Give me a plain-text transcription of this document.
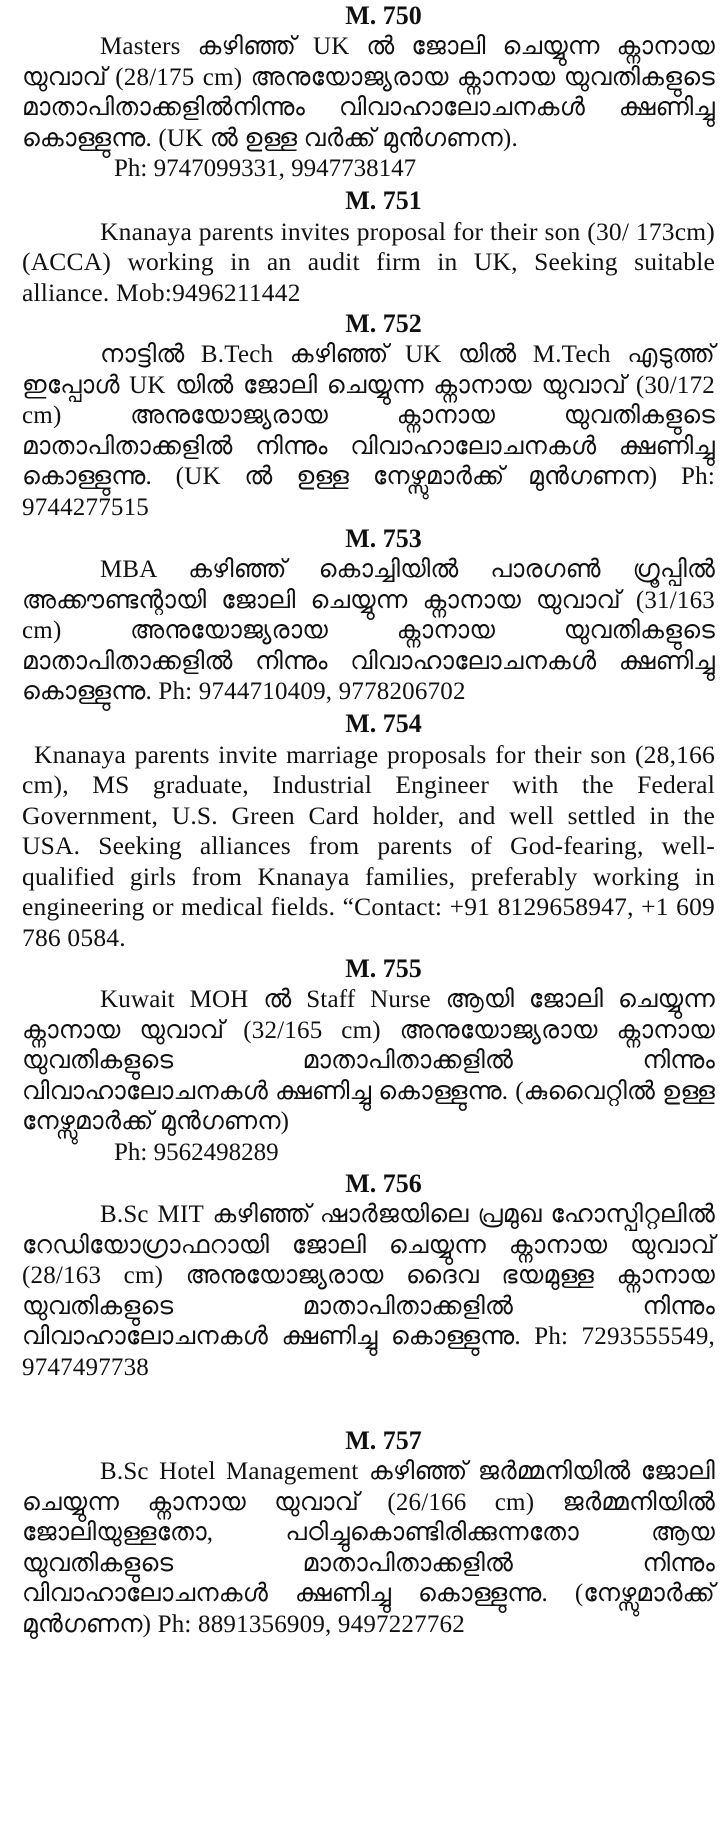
M. 750

Masters കഴിഞ്ഞ് UK ൽ ജോലി ചെയ്യുന്ന ക്നാനായ യുവാവ് (28/175 cm) അനുയോജ്യരായ ക്നാനായ യുവതികളുടെ മാതാപിതാക്കളിൽനിന്നും വിവാഹാലോചനകൾ ക്ഷണിച്ചു കൊള്ളുന്നു. (UK ൽ ഉള്ള വർക്ക് മുൻഗണന).

Ph: 9747099331, 9947738147

M. 751

Knanaya parents invites proposal for their son (30/ 173cm) (ACCA) working in an audit firm in UK, Seeking suitable alliance. Mob:9496211442

M. 752

നാട്ടിൽ B.Tech കഴിഞ്ഞ് UK യിൽ M.Tech എടുത്ത് ഇപ്പോൾ UK യിൽ ജോലി ചെയ്യുന്ന ക്നാനായ യുവാവ് (30/172 cm) അനുയോജ്യരായ ക്നാനായ യുവതികളുടെ മാതാപിതാക്കളിൽ നിന്നും വിവാഹാലോചനകൾ ക്ഷണിച്ചു കൊള്ളുന്നു. (UK ൽ ഉള്ള നേഴ്സുമാർക്ക് മുൻഗണന) Ph: 9744277515

M. 753

MBA കഴിഞ്ഞ് കൊച്ചിയിൽ പാരഗൺ ഗ്രൂപ്പിൽ അക്കൗണ്ടന്റായി ജോലി ചെയ്യുന്ന ക്നാനായ യുവാവ് (31/163 cm) അനുയോജ്യരായ ക്നാനായ യുവതികളുടെ മാതാപിതാക്കളിൽ നിന്നും വിവാഹാലോചനകൾ ക്ഷണിച്ചു കൊള്ളുന്നു. Ph: 9744710409, 9778206702

M. 754

Knanaya parents invite marriage proposals for their son (28,166 cm), MS graduate, Industrial Engineer with the Federal Government, U.S. Green Card holder, and well settled in the USA. Seeking alliances from parents of God-fearing, well-qualified girls from Knanaya families, preferably working in engineering or medical fields. “Contact: +91 8129658947, +1 609 786 0584.

M. 755

Kuwait MOH ൽ Staff Nurse ആയി ജോലി ചെയ്യുന്ന ക്നാനായ യുവാവ് (32/165 cm) അനുയോജ്യരായ ക്നാനായ യുവതികളുടെ മാതാപിതാക്കളിൽ നിന്നും വിവാഹാലോചനകൾ ക്ഷണിച്ചു കൊള്ളുന്നു. (കുവൈറ്റിൽ ഉള്ള നേഴ്സുമാർക്ക് മുൻഗണന)

Ph: 9562498289

M. 756

B.Sc MIT കഴിഞ്ഞ് ഷാർജയിലെ പ്രമുഖ ഹോസ്പിറ്റലിൽ റേഡിയോഗ്രാഫറായി ജോലി ചെയ്യുന്ന ക്നാനായ യുവാവ് (28/163 cm) അനുയോജ്യരായ ദൈവ ഭയമുള്ള ക്നാനായ യുവതികളുടെ മാതാപിതാക്കളിൽ നിന്നും വിവാഹാലോചനകൾ ക്ഷണിച്ചു കൊള്ളുന്നു. Ph: 7293555549, 9747497738

M. 757

B.Sc Hotel Management കഴിഞ്ഞ് ജർമ്മനിയിൽ ജോലി ചെയ്യുന്ന ക്നാനായ യുവാവ് (26/166 cm) ജർമ്മനിയിൽ ജോലിയുള്ളതോ, പഠിച്ചുകൊണ്ടിരിക്കുന്നതോ ആയ യുവതികളുടെ മാതാപിതാക്കളിൽ നിന്നും വിവാഹാലോചനകൾ ക്ഷണിച്ചു കൊള്ളുന്നു. (നേഴ്സുമാർക്ക് മുൻഗണന) Ph: 8891356909, 9497227762
